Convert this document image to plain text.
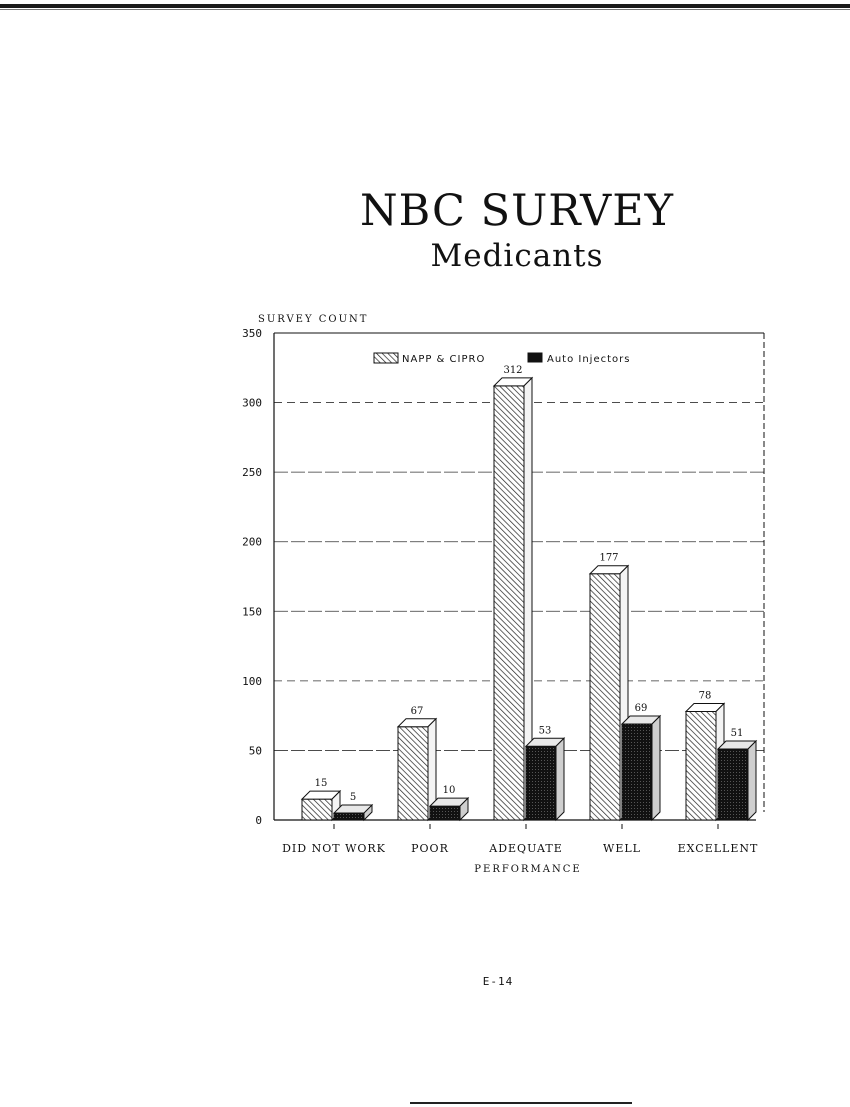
NBC SURVEY
Medicants
0
50
100
150
200
250
300
350
SURVEY COUNT
PERFORMANCE
15
5
DID NOT WORK
67
10
POOR
312
53
ADEQUATE
177
69
WELL
78
51
EXCELLENT
NAPP & CIPRO	Auto Injectors
E-14
